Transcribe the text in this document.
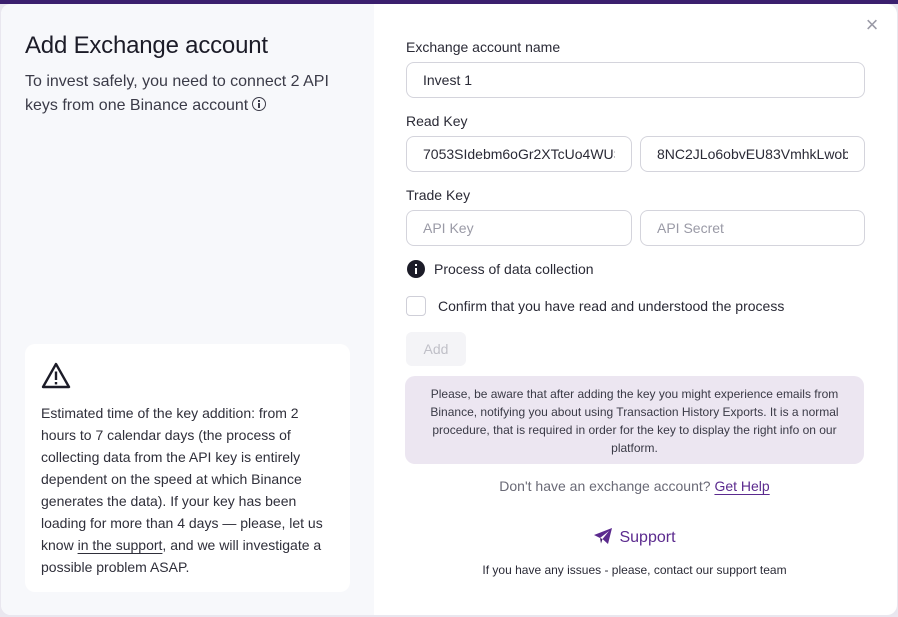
Add Exchange account
To invest safely, you need to connect 2 API keys from one Binance account

Estimated time of the key addition: from 2 hours to 7 calendar days (the process of collecting data from the API key is entirely dependent on the speed at which Binance generates the data). If your key has been loading for more than 4 days — please, let us know in the support, and we will investigate a possible problem ASAP.

×
Exchange account name
Invest 1
Read Key
7053SIdebm6oGr2XTcUo4WUS
8NC2JLo6obvEU83VmhkLwob
Trade Key
API Key
API Secret
Process of data collection
Confirm that you have read and understood the process
Add
Please, be aware that after adding the key you might experience emails from Binance, notifying you about using Transaction History Exports. It is a normal procedure, that is required in order for the key to display the right info on our platform.
Don't have an exchange account? Get Help
Support
If you have any issues - please, contact our support team
